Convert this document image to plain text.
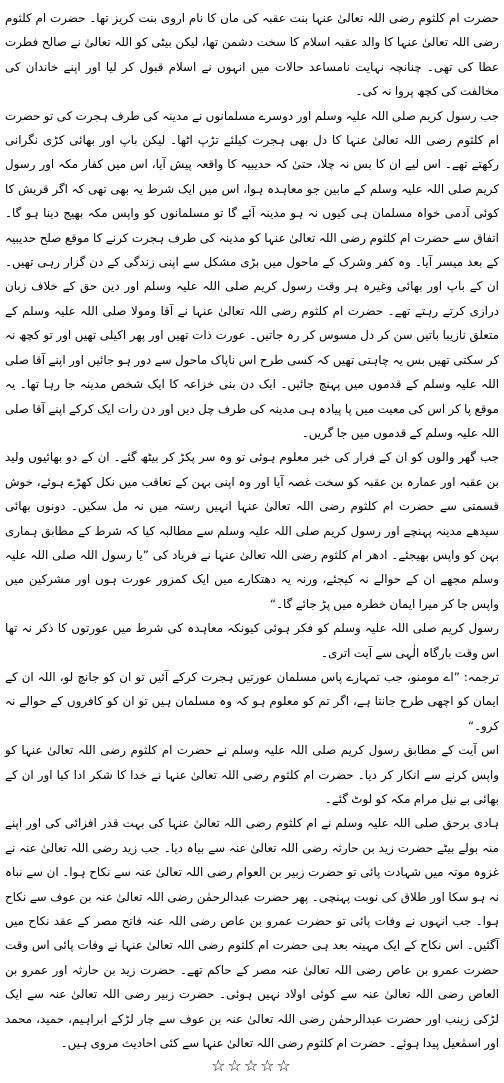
حضرت ام کلثوم رضی اللہ تعالیٰ عنہا بنت عقبہ کی ماں کا نام اروی بنت کریز تھا۔ حضرت ام کلثوم رضی اللہ تعالیٰ عنہا کا والد عقبہ اسلام کا سخت دشمن تھا، لیکن بیٹی کو اللہ تعالیٰ نے صالح فطرت عطا کی تھی۔ چنانچہ نہایت نامساعد حالات میں انہوں نے اسلام قبول کر لیا اور اپنے خاندان کی مخالفت کی کچھ پروا نہ کی۔

جب رسول کریم صلی اللہ علیہ وسلم اور دوسرے مسلمانوں نے مدینہ کی طرف ہجرت کی تو حضرت ام کلثوم رضی اللہ تعالیٰ عنہا کا دل بھی ہجرت کیلئے تڑپ اٹھا۔ لیکن باپ اور بھائی کڑی نگرانی رکھتے تھے۔ اس لیے ان کا بس نہ چلا، حتیٰ کہ حدیبیہ کا واقعہ پیش آیا، اس میں کفار مکہ اور رسول کریم صلی اللہ علیہ وسلم کے مابین جو معاہدہ ہوا، اس میں ایک شرط یہ بھی تھی کہ اگر قریش کا کوئی آدمی خواہ مسلمان ہی کیوں نہ ہو مدینہ آئے گا تو مسلمانوں کو واپس مکہ بھیج دینا ہو گا۔ اتفاق سے حضرت ام کلثوم رضی اللہ تعالیٰ عنہا کو مدینہ کی طرف ہجرت کرنے کا موقع صلح حدیبیہ کے بعد میسر آیا۔ وہ کفر وشرک کے ماحول میں بڑی مشکل سے اپنی زندگی کے دن گزار رہی تھیں۔ ان کے باپ اور بھائی وغیرہ ہر وقت رسول کریم صلی اللہ علیہ وسلم اور دین حق کے خلاف زبان درازی کرتے رہتے تھے۔ حضرت ام کلثوم رضی اللہ تعالیٰ عنہا نے آقا ومولا صلی اللہ علیہ وسلم کے متعلق نازیبا باتیں سن کر دل مسوس کر رہ جاتیں۔ عورت ذات تھیں اور پھر اکیلی تھیں اور تو کچھ نہ کر سکتی تھیں بس یہ چاہتی تھیں کہ کسی طرح اس ناپاک ماحول سے دور ہو جائیں اور اپنے آقا صلی اللہ علیہ وسلم کے قدموں میں پہنچ جائیں۔ ایک دن بنی خزاعہ کا ایک شخص مدینہ جا رہا تھا۔ یہ موقع پا کر اس کی معیت میں پا پیادہ ہی مدینہ کی طرف چل دیں اور دن رات ایک کرکے اپنے آقا صلی اللہ علیہ وسلم کے قدموں میں جا گریں۔

جب گھر والوں کو ان کے فرار کی خبر معلوم ہوئی تو وہ سر پکڑ کر بیٹھ گئے۔ ان کے دو بھائیوں ولید بن عقبہ اور عمارہ بن عقبہ کو سخت غصہ آیا اور وہ اپنی بہن کے تعاقب میں نکل کھڑے ہوئے، خوش قسمتی سے حضرت ام کلثوم رضی اللہ تعالیٰ عنہا انہیں رستہ میں نہ مل سکیں۔ دونوں بھائی سیدھے مدینہ پہنچے اور رسول کریم صلی اللہ علیہ وسلم سے مطالبہ کیا کہ شرط کے مطابق ہماری بہن کو واپس بھیجئے۔ ادھر ام کلثوم رضی اللہ تعالیٰ عنہا نے فریاد کی ”یا رسول اللہ صلی اللہ علیہ وسلم مجھے ان کے حوالے نہ کیجئے، ورنہ یہ دھتکارے میں ایک کمزور عورت ہوں اور مشرکین میں واپس جا کر میرا ایمان خطرہ میں پڑ جائے گا۔“

رسول کریم صلی اللہ علیہ وسلم کو فکر ہوئی کیونکہ معاہدہ کی شرط میں عورتوں کا ذکر نہ تھا اس وقت بارگاہ الٰہی سے آیت اتری۔

ترجمہ: ”اے مومنو، جب تمہارے پاس مسلمان عورتیں ہجرت کرکے آئیں تو ان کو جانچ لو، اللہ ان کے ایمان کو اچھی طرح جانتا ہے، اگر تم کو معلوم ہو کہ وہ مسلمان ہیں تو ان کو کافروں کے حوالے نہ کرو۔“

اس آیت کے مطابق رسول کریم صلی اللہ علیہ وسلم نے حضرت ام کلثوم رضی اللہ تعالیٰ عنہا کو واپس کرنے سے انکار کر دیا۔ حضرت ام کلثوم رضی اللہ تعالیٰ عنہا نے خدا کا شکر ادا کیا اور ان کے بھائی بے نیل مرام مکہ کو لوٹ گئے۔

ہادی برحق صلی اللہ علیہ وسلم نے ام کلثوم رضی اللہ تعالیٰ عنہا کی بہت قدر افزائی کی اور اپنے منہ بولے بیٹے حضرت زید بن حارثہ رضی اللہ تعالیٰ عنہ سے بیاہ دیا۔ جب زید رضی اللہ تعالیٰ عنہ نے غزوہ موتہ میں شہادت پائی تو حضرت زبیر بن العوام رضی اللہ تعالیٰ عنہ سے نکاح ہوا۔ ان سے نباہ نہ ہو سکا اور طلاق کی نوبت پہنچی۔ پھر حضرت عبدالرحمٰن رضی اللہ تعالیٰ عنہ بن عوف سے نکاح ہوا۔ جب انہوں نے وفات پائی تو حضرت عمرو بن عاص رضی اللہ عنہ فاتح مصر کے عقد نکاح میں آگئیں۔ اس نکاح کے ایک مہینہ بعد ہی حضرت ام کلثوم رضی اللہ تعالیٰ عنہا نے وفات پائی اس وقت حضرت عمرو بن عاص رضی اللہ تعالیٰ عنہ مصر کے حاکم تھے۔ حضرت زید بن حارثہ اور عمرو بن العاص رضی اللہ تعالیٰ عنہ سے کوئی اولاد نہیں ہوئی۔ حضرت زبیر رضی اللہ تعالیٰ عنہ سے ایک لڑکی زینب اور حضرت عبدالرحمٰن رضی اللہ تعالیٰ عنہ بن عوف سے چار لڑکے ابراہیم، حمید، محمد اور اسمٰعیل پیدا ہوئے۔ حضرت ام کلثوم رضی اللہ تعالیٰ عنہا سے کئی احادیث مروی ہیں۔

☆☆☆☆☆
